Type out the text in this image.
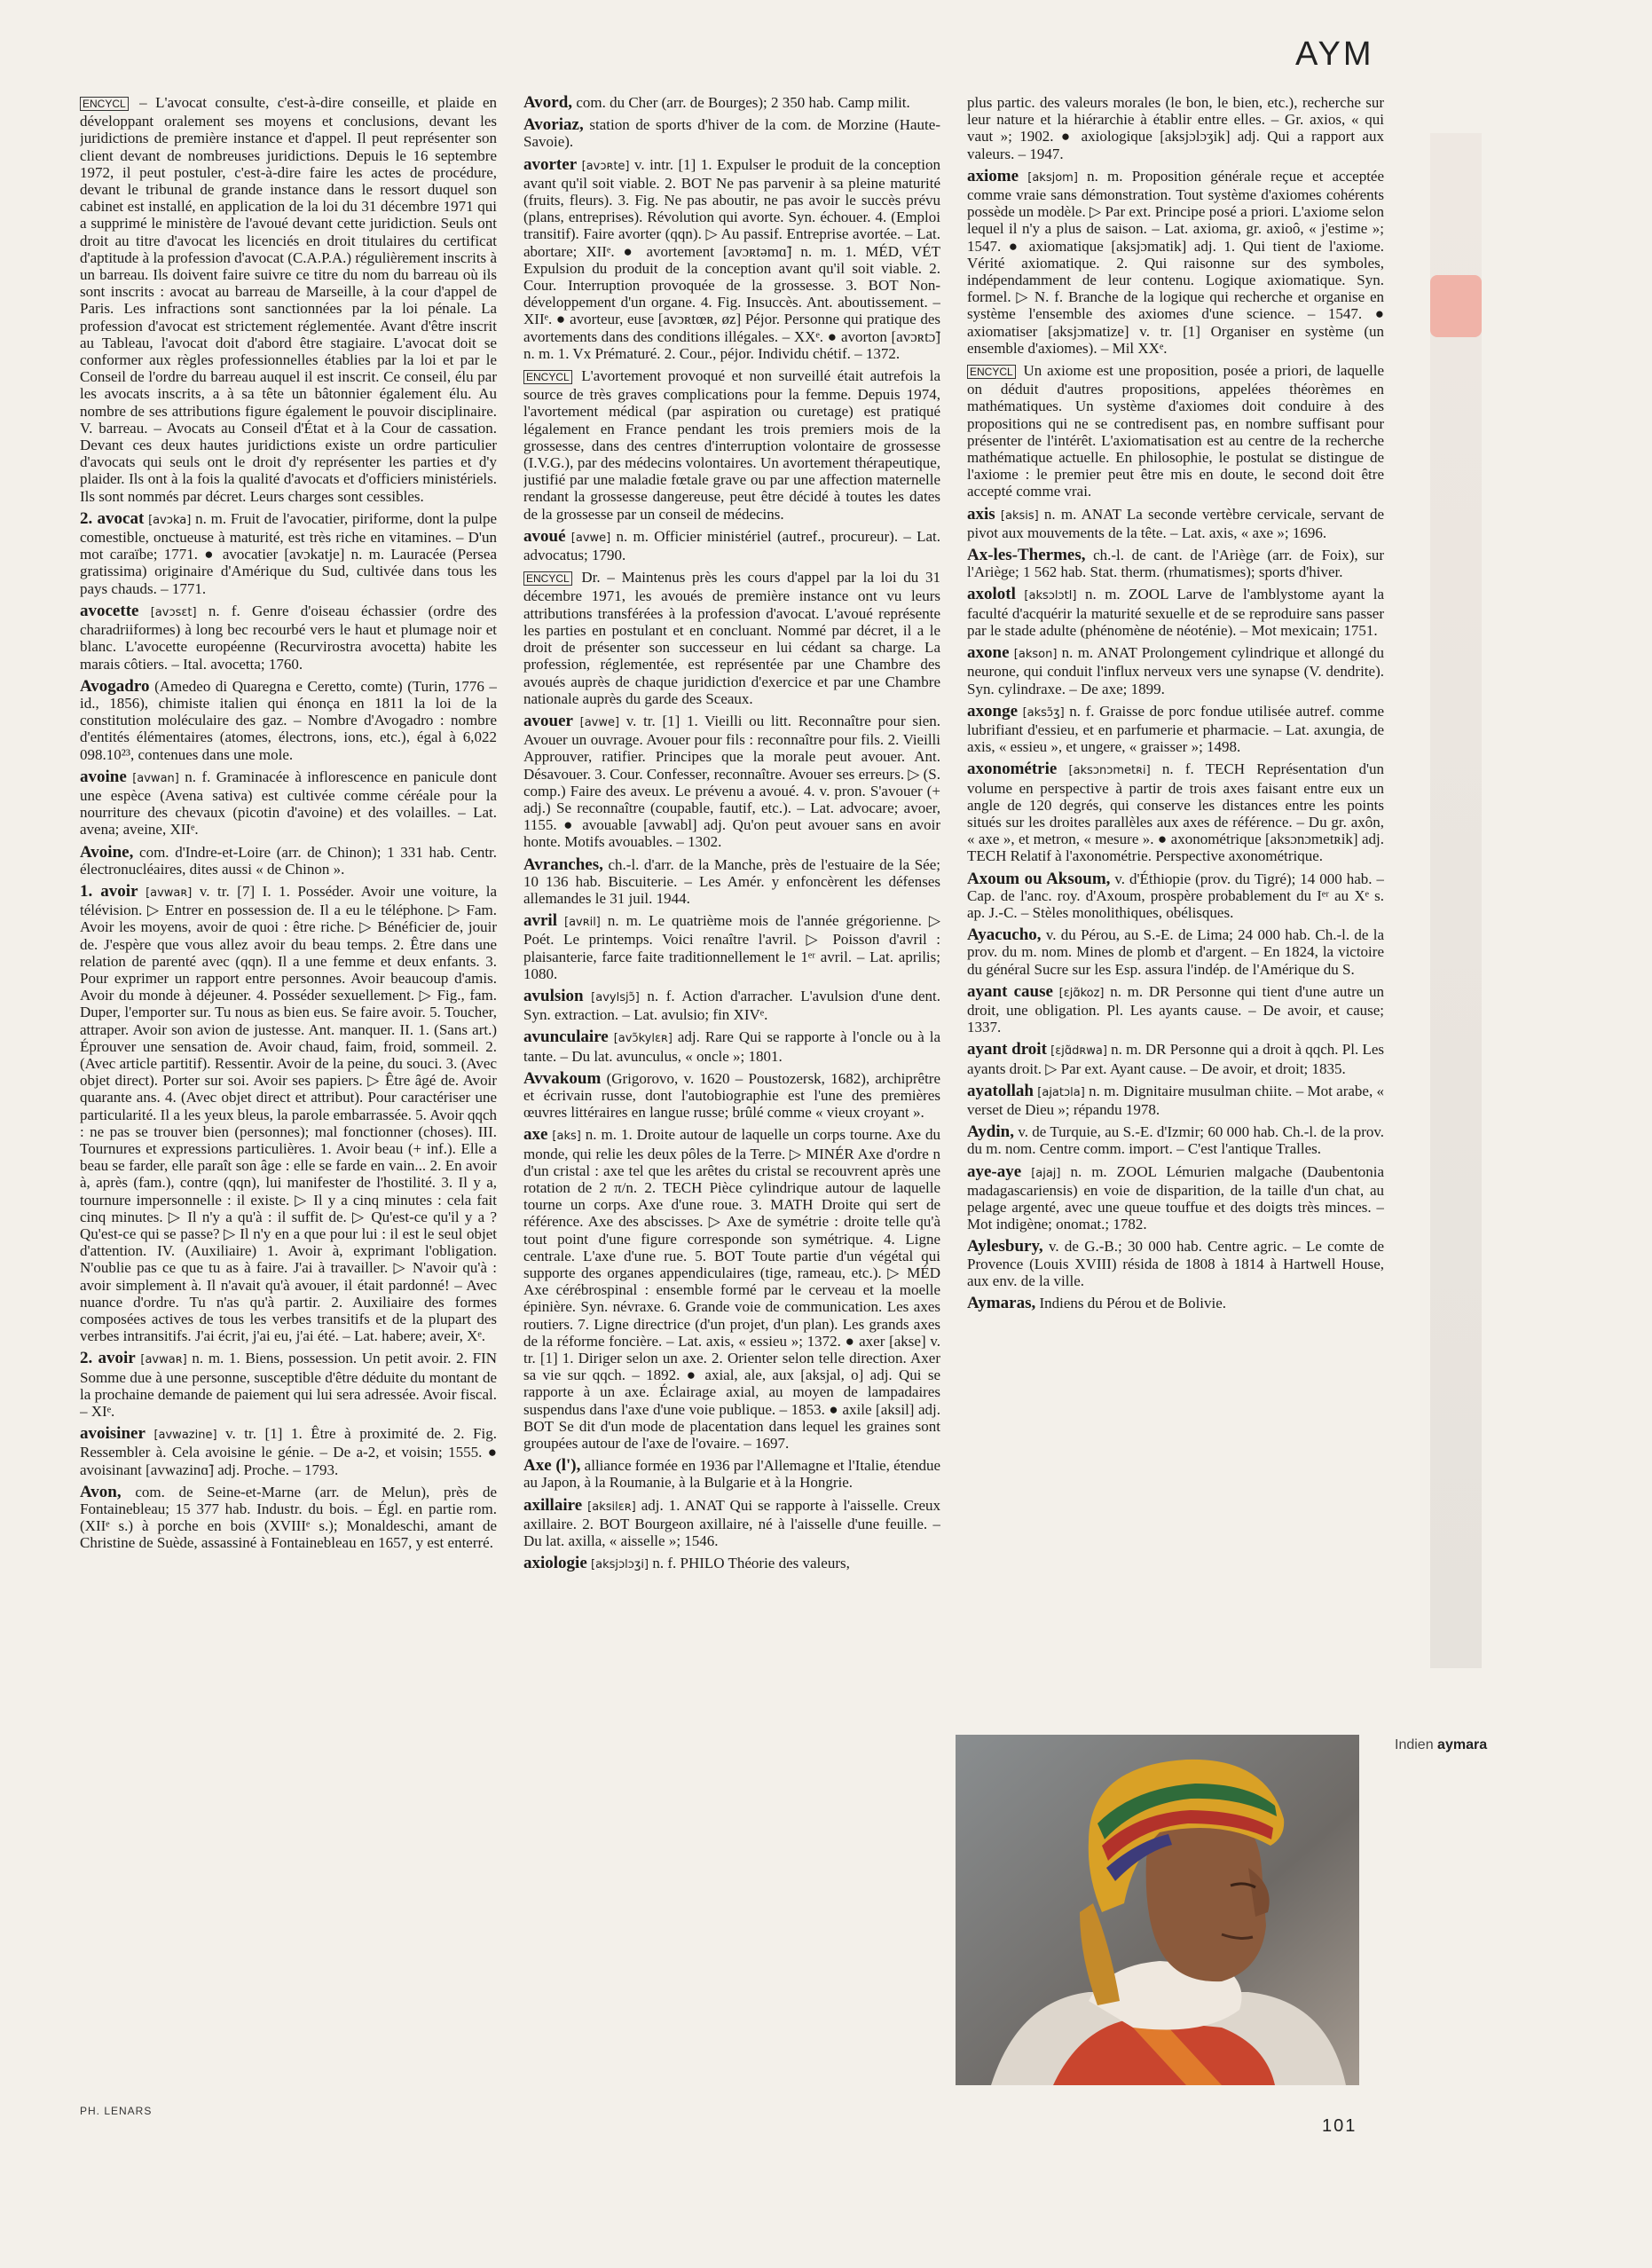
AYM

ENCYCL – L'avocat consulte, c'est-à-dire conseille, et plaide en développant oralement ses moyens et conclusions, devant les juridictions de première instance et d'appel. Il peut représenter son client devant de nombreuses juridictions. Depuis le 16 septembre 1972, il peut postuler, c'est-à-dire faire les actes de procédure, devant le tribunal de grande instance dans le ressort duquel son cabinet est installé, en application de la loi du 31 décembre 1971 qui a supprimé le ministère de l'avoué devant cette juridiction. Seuls ont droit au titre d'avocat les licenciés en droit titulaires du certificat d'aptitude à la profession d'avocat (C.A.P.A.) régulièrement inscrits à un barreau. Ils doivent faire suivre ce titre du nom du barreau où ils sont inscrits : avocat au barreau de Marseille, à la cour d'appel de Paris. Les infractions sont sanctionnées par la loi pénale. La profession d'avocat est strictement réglementée. Avant d'être inscrit au Tableau, l'avocat doit d'abord être stagiaire. L'avocat doit se conformer aux règles professionnelles établies par la loi et par le Conseil de l'ordre du barreau auquel il est inscrit. Ce conseil, élu par les avocats inscrits, a à sa tête un bâtonnier également élu. Au nombre de ses attributions figure également le pouvoir disciplinaire. V. barreau. – Avocats au Conseil d'État et à la Cour de cassation. Devant ces deux hautes juridictions existe un ordre particulier d'avocats qui seuls ont le droit d'y représenter les parties et d'y plaider. Ils ont à la fois la qualité d'avocats et d'officiers ministériels. Ils sont nommés par décret. Leurs charges sont cessibles.

2. avocat [avɔka] n. m. Fruit de l'avocatier, piriforme, dont la pulpe comestible, onctueuse à maturité, est très riche en vitamines. – D'un mot caraïbe; 1771. ● avocatier [avɔkatje] n. m. Lauracée (Persea gratissima) originaire d'Amérique du Sud, cultivée dans tous les pays chauds. – 1771.

avocette [avɔsɛt] n. f. Genre d'oiseau échassier (ordre des charadriiformes) à long bec recourbé vers le haut et plumage noir et blanc. L'avocette européenne (Recurvirostra avocetta) habite les marais côtiers. – Ital. avocetta; 1760.

Avogadro (Amedeo di Quaregna e Ceretto, comte) (Turin, 1776 – id., 1856), chimiste italien qui énonça en 1811 la loi de la constitution moléculaire des gaz. – Nombre d'Avogadro : nombre d'entités élémentaires (atomes, électrons, ions, etc.), égal à 6,022 098.10²³, contenues dans une mole.

avoine [avwan] n. f. Graminacée à inflorescence en panicule dont une espèce (Avena sativa) est cultivée comme céréale pour la nourriture des chevaux (picotin d'avoine) et des volailles. – Lat. avena; aveine, XIIᵉ.

Avoine, com. d'Indre-et-Loire (arr. de Chinon); 1 331 hab. Centr. électronucléaires, dites aussi « de Chinon ».

1. avoir [avwaʀ] v. tr. [7] I. 1. Posséder. Avoir une voiture, la télévision. ▷ Entrer en possession de. Il a eu le téléphone. ▷ Fam. Avoir les moyens, avoir de quoi : être riche. ▷ Bénéficier de, jouir de. J'espère que vous allez avoir du beau temps. 2. Être dans une relation de parenté avec (qqn). Il a une femme et deux enfants. 3. Pour exprimer un rapport entre personnes. Avoir beaucoup d'amis. Avoir du monde à déjeuner. 4. Posséder sexuellement. ▷ Fig., fam. Duper, l'emporter sur. Tu nous as bien eus. Se faire avoir. 5. Toucher, attraper. Avoir son avion de justesse. Ant. manquer. II. 1. (Sans art.) Éprouver une sensation de. Avoir chaud, faim, froid, sommeil. 2. (Avec article partitif). Ressentir. Avoir de la peine, du souci. 3. (Avec objet direct). Porter sur soi. Avoir ses papiers. ▷ Être âgé de. Avoir quarante ans. 4. (Avec objet direct et attribut). Pour caractériser une particularité. Il a les yeux bleus, la parole embarrassée. 5. Avoir qqch : ne pas se trouver bien (personnes); mal fonctionner (choses). III. Tournures et expressions particulières. 1. Avoir beau (+ inf.). Elle a beau se farder, elle paraît son âge : elle se farde en vain... 2. En avoir à, après (fam.), contre (qqn), lui manifester de l'hostilité. 3. Il y a, tournure impersonnelle : il existe. ▷ Il y a cinq minutes : cela fait cinq minutes. ▷ Il n'y a qu'à : il suffit de. ▷ Qu'est-ce qu'il y a ? Qu'est-ce qui se passe? ▷ Il n'y en a que pour lui : il est le seul objet d'attention. IV. (Auxiliaire) 1. Avoir à, exprimant l'obligation. N'oublie pas ce que tu as à faire. J'ai à travailler. ▷ N'avoir qu'à : avoir simplement à. Il n'avait qu'à avouer, il était pardonné! – Avec nuance d'ordre. Tu n'as qu'à partir. 2. Auxiliaire des formes composées actives de tous les verbes transitifs et de la plupart des verbes intransitifs. J'ai écrit, j'ai eu, j'ai été. – Lat. habere; aveir, Xᵉ.

2. avoir [avwaʀ] n. m. 1. Biens, possession. Un petit avoir. 2. FIN Somme due à une personne, susceptible d'être déduite du montant de la prochaine demande de paiement qui lui sera adressée. Avoir fiscal. – XIᵉ.

avoisiner [avwazine] v. tr. [1] 1. Être à proximité de. 2. Fig. Ressembler à. Cela avoisine le génie. – De a-2, et voisin; 1555. ● avoisinant [avwazinɑ̃] adj. Proche. – 1793.

Avon, com. de Seine-et-Marne (arr. de Melun), près de Fontainebleau; 15 377 hab. Industr. du bois. – Égl. en partie rom. (XIIᵉ s.) à porche en bois (XVIIIᵉ s.); Monaldeschi, amant de Christine de Suède, assassiné à Fontainebleau en 1657, y est enterré.

Avord, com. du Cher (arr. de Bourges); 2 350 hab. Camp milit.

Avoriaz, station de sports d'hiver de la com. de Morzine (Haute-Savoie).

avorter [avɔʀte] v. intr. [1] 1. Expulser le produit de la conception avant qu'il soit viable. 2. BOT Ne pas parvenir à sa pleine maturité (fruits, fleurs). 3. Fig. Ne pas aboutir, ne pas avoir le succès prévu (plans, entreprises). Révolution qui avorte. Syn. échouer. 4. (Emploi transitif). Faire avorter (qqn). ▷ Au passif. Entreprise avortée. – Lat. abortare; XIIᵉ. ● avortement [avɔʀtəmɑ̃] n. m. 1. MÉD, VÉT Expulsion du produit de la conception avant qu'il soit viable. 2. Cour. Interruption provoquée de la grossesse. 3. BOT Non-développement d'un organe. 4. Fig. Insuccès. Ant. aboutissement. – XIIᵉ. ● avorteur, euse [avɔʀtœʀ, øz] Péjor. Personne qui pratique des avortements dans des conditions illégales. – XXᵉ. ● avorton [avɔʀtɔ̃] n. m. 1. Vx Prématuré. 2. Cour., péjor. Individu chétif. – 1372.

ENCYCL L'avortement provoqué et non surveillé était autrefois la source de très graves complications pour la femme. Depuis 1974, l'avortement médical (par aspiration ou curetage) est pratiqué légalement en France pendant les trois premiers mois de la grossesse, dans des centres d'interruption volontaire de grossesse (I.V.G.), par des médecins volontaires. Un avortement thérapeutique, justifié par une maladie fœtale grave ou par une affection maternelle rendant la grossesse dangereuse, peut être décidé à toutes les dates de la grossesse par un conseil de médecins.

avoué [avwe] n. m. Officier ministériel (autref., procureur). – Lat. advocatus; 1790.

ENCYCL Dr. – Maintenus près les cours d'appel par la loi du 31 décembre 1971, les avoués de première instance ont vu leurs attributions transférées à la profession d'avocat. L'avoué représente les parties en postulant et en concluant. Nommé par décret, il a le droit de présenter son successeur en lui cédant sa charge. La profession, réglementée, est représentée par une Chambre des avoués auprès de chaque juridiction d'exercice et par une Chambre nationale auprès du garde des Sceaux.

avouer [avwe] v. tr. [1] 1. Vieilli ou litt. Reconnaître pour sien. Avouer un ouvrage. Avouer pour fils : reconnaître pour fils. 2. Vieilli Approuver, ratifier. Principes que la morale peut avouer. Ant. Désavouer. 3. Cour. Confesser, reconnaître. Avouer ses erreurs. ▷ (S. comp.) Faire des aveux. Le prévenu a avoué. 4. v. pron. S'avouer (+ adj.) Se reconnaître (coupable, fautif, etc.). – Lat. advocare; avoer, 1155. ● avouable [avwabl] adj. Qu'on peut avouer sans en avoir honte. Motifs avouables. – 1302.

Avranches, ch.-l. d'arr. de la Manche, près de l'estuaire de la Sée; 10 136 hab. Biscuiterie. – Les Amér. y enfoncèrent les défenses allemandes le 31 juil. 1944.

avril [avʀil] n. m. Le quatrième mois de l'année grégorienne. ▷ Poét. Le printemps. Voici renaître l'avril. ▷ Poisson d'avril : plaisanterie, farce faite traditionnellement le 1ᵉʳ avril. – Lat. aprilis; 1080.

avulsion [avylsjɔ̃] n. f. Action d'arracher. L'avulsion d'une dent. Syn. extraction. – Lat. avulsio; fin XIVᵉ.

avunculaire [avɔ̃kylɛʀ] adj. Rare Qui se rapporte à l'oncle ou à la tante. – Du lat. avunculus, « oncle »; 1801.

Avvakoum (Grigorovo, v. 1620 – Poustozersk, 1682), archiprêtre et écrivain russe, dont l'autobiographie est l'une des premières œuvres littéraires en langue russe; brûlé comme « vieux croyant ».

axe [aks] n. m. 1. Droite autour de laquelle un corps tourne. Axe du monde, qui relie les deux pôles de la Terre. ▷ MINÉR Axe d'ordre n d'un cristal : axe tel que les arêtes du cristal se recouvrent après une rotation de 2 π/n. 2. TECH Pièce cylindrique autour de laquelle tourne un corps. Axe d'une roue. 3. MATH Droite qui sert de référence. Axe des abscisses. ▷ Axe de symétrie : droite telle qu'à tout point d'une figure corresponde son symétrique. 4. Ligne centrale. L'axe d'une rue. 5. BOT Toute partie d'un végétal qui supporte des organes appendiculaires (tige, rameau, etc.). ▷ MÉD Axe cérébrospinal : ensemble formé par le cerveau et la moelle épinière. Syn. névraxe. 6. Grande voie de communication. Les axes routiers. 7. Ligne directrice (d'un projet, d'un plan). Les grands axes de la réforme foncière. – Lat. axis, « essieu »; 1372. ● axer [akse] v. tr. [1] 1. Diriger selon un axe. 2. Orienter selon telle direction. Axer sa vie sur qqch. – 1892. ● axial, ale, aux [aksjal, o] adj. Qui se rapporte à un axe. Éclairage axial, au moyen de lampadaires suspendus dans l'axe d'une voie publique. – 1853. ● axile [aksil] adj. BOT Se dit d'un mode de placentation dans lequel les graines sont groupées autour de l'axe de l'ovaire. – 1697.

Axe (l'), alliance formée en 1936 par l'Allemagne et l'Italie, étendue au Japon, à la Roumanie, à la Bulgarie et à la Hongrie.

axillaire [aksilɛʀ] adj. 1. ANAT Qui se rapporte à l'aisselle. Creux axillaire. 2. BOT Bourgeon axillaire, né à l'aisselle d'une feuille. – Du lat. axilla, « aisselle »; 1546.

axiologie [aksjɔlɔʒi] n. f. PHILO Théorie des valeurs,

plus partic. des valeurs morales (le bon, le bien, etc.), recherche sur leur nature et la hiérarchie à établir entre elles. – Gr. axios, « qui vaut »; 1902. ● axiologique [aksjɔlɔʒik] adj. Qui a rapport aux valeurs. – 1947.

axiome [aksjom] n. m. Proposition générale reçue et acceptée comme vraie sans démonstration. Tout système d'axiomes cohérents possède un modèle. ▷ Par ext. Principe posé a priori. L'axiome selon lequel il n'y a plus de saison. – Lat. axioma, gr. axioô, « j'estime »; 1547. ● axiomatique [aksjɔmatik] adj. 1. Qui tient de l'axiome. Vérité axiomatique. 2. Qui raisonne sur des symboles, indépendamment de leur contenu. Logique axiomatique. Syn. formel. ▷ N. f. Branche de la logique qui recherche et organise en système l'ensemble des axiomes d'une science. – 1547. ● axiomatiser [aksjɔmatize] v. tr. [1] Organiser en système (un ensemble d'axiomes). – Mil XXᵉ.

ENCYCL Un axiome est une proposition, posée a priori, de laquelle on déduit d'autres propositions, appelées théorèmes en mathématiques. Un système d'axiomes doit conduire à des propositions qui ne se contredisent pas, en nombre suffisant pour présenter de l'intérêt. L'axiomatisation est au centre de la recherche mathématique actuelle. En philosophie, le postulat se distingue de l'axiome : le premier peut être mis en doute, le second doit être accepté comme vrai.

axis [aksis] n. m. ANAT La seconde vertèbre cervicale, servant de pivot aux mouvements de la tête. – Lat. axis, « axe »; 1696.

Ax-les-Thermes, ch.-l. de cant. de l'Ariège (arr. de Foix), sur l'Ariège; 1 562 hab. Stat. therm. (rhumatismes); sports d'hiver.

axolotl [aksɔlɔtl] n. m. ZOOL Larve de l'amblystome ayant la faculté d'acquérir la maturité sexuelle et de se reproduire sans passer par le stade adulte (phénomène de néoténie). – Mot mexicain; 1751.

axone [akson] n. m. ANAT Prolongement cylindrique et allongé du neurone, qui conduit l'influx nerveux vers une synapse (V. dendrite). Syn. cylindraxe. – De axe; 1899.

axonge [aksɔ̃ʒ] n. f. Graisse de porc fondue utilisée autref. comme lubrifiant d'essieu, et en parfumerie et pharmacie. – Lat. axungia, de axis, « essieu », et ungere, « graisser »; 1498.

axonométrie [aksɔnɔmetʀi] n. f. TECH Représentation d'un volume en perspective à partir de trois axes faisant entre eux un angle de 120 degrés, qui conserve les distances entre les points situés sur les droites parallèles aux axes de référence. – Du gr. axôn, « axe », et metron, « mesure ». ● axonométrique [aksɔnɔmetʀik] adj. TECH Relatif à l'axonométrie. Perspective axonométrique.

Axoum ou Aksoum, v. d'Éthiopie (prov. du Tigré); 14 000 hab. – Cap. de l'anc. roy. d'Axoum, prospère probablement du Iᵉʳ au Xᵉ s. ap. J.-C. – Stèles monolithiques, obélisques.

Ayacucho, v. du Pérou, au S.-E. de Lima; 24 000 hab. Ch.-l. de la prov. du m. nom. Mines de plomb et d'argent. – En 1824, la victoire du général Sucre sur les Esp. assura l'indép. de l'Amérique du S.

ayant cause [ɛjɑ̃koz] n. m. DR Personne qui tient d'une autre un droit, une obligation. Pl. Les ayants cause. – De avoir, et cause; 1337.

ayant droit [ɛjɑ̃dʀwa] n. m. DR Personne qui a droit à qqch. Pl. Les ayants droit. ▷ Par ext. Ayant cause. – De avoir, et droit; 1835.

ayatollah [ajatɔla] n. m. Dignitaire musulman chiite. – Mot arabe, « verset de Dieu »; répandu 1978.

Aydin, v. de Turquie, au S.-E. d'Izmir; 60 000 hab. Ch.-l. de la prov. du m. nom. Centre comm. import. – C'est l'antique Tralles.

aye-aye [ajaj] n. m. ZOOL Lémurien malgache (Daubentonia madagascariensis) en voie de disparition, de la taille d'un chat, au pelage argenté, avec une queue touffue et des doigts très minces. – Mot indigène; onomat.; 1782.

Aylesbury, v. de G.-B.; 30 000 hab. Centre agric. – Le comte de Provence (Louis XVIII) résida de 1808 à 1814 à Hartwell House, aux env. de la ville.

Aymaras, Indiens du Pérou et de Bolivie.

Indien aymara
PH. LENARS
101
